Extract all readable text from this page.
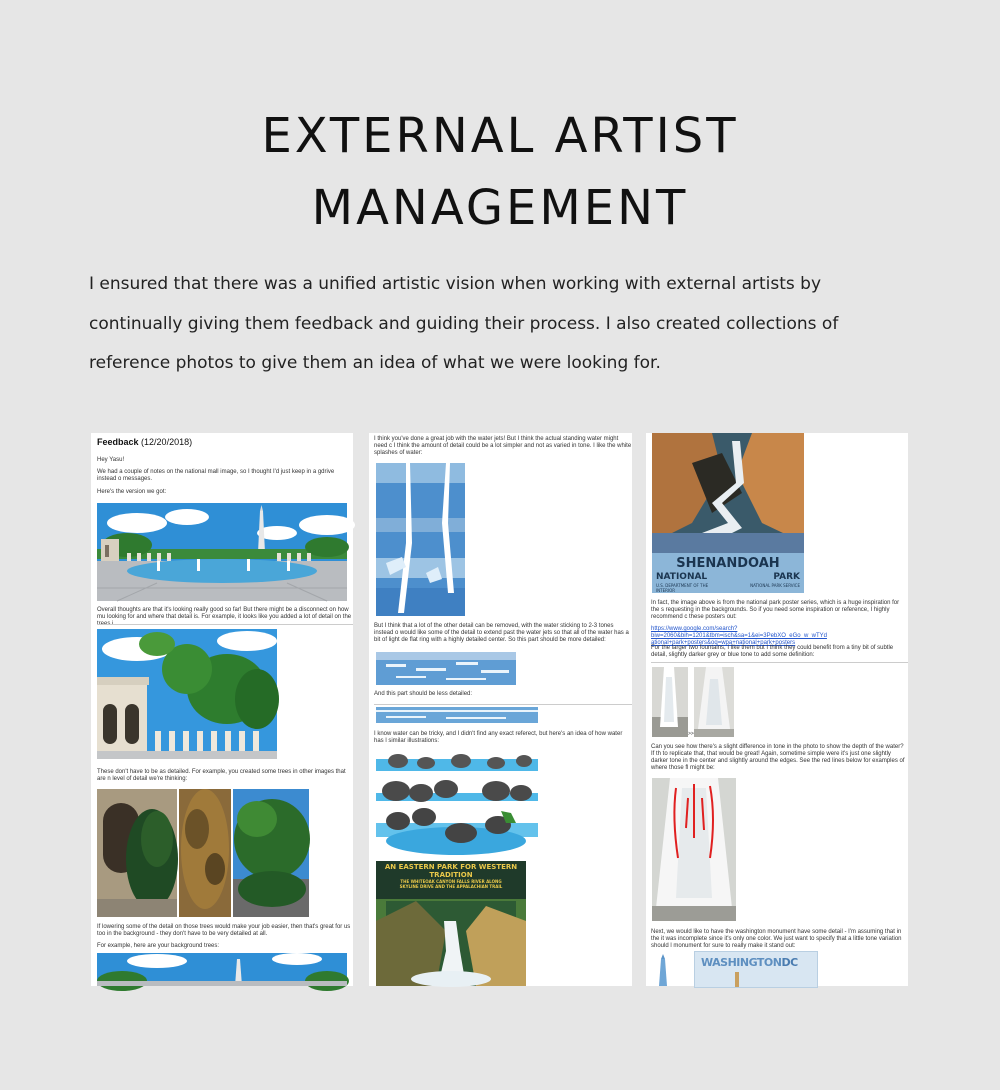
EXTERNAL ARTIST
MANAGEMENT
I ensured that there was a unified artistic vision when working with external artists by continually giving them feedback and guiding their process. I also created collections of reference photos to give them an idea of what we were looking for.
Feedback (12/20/2018)
Hey Yasu!
We had a couple of notes on the national mall image, so I thought I'd just keep in a gdrive instead o messages.
Here's the version we got:
Overall thoughts are that it's looking really good so far! But there might be a disconnect on how mu looking for and where that detail is. For example, it looks like you added a lot of detail on the
These don't have to be as detailed. For example, you created some trees in other images that are n level of detail we're thinking:
If lowering some of the detail on those trees would make your job easier, then that's great for us too in the background - they don't have to be very detailed at all.
For example, here are your background trees:
I think you've done a great job with the water jets! But I think the actual standing water might need c I think the amount of detail could be a lot simpler and not as varied in tone. I like the white splashes of water:
But I think that a lot of the other detail can be removed, with the water sticking to 2-3 tones instead o would like some of the detail to extend past the water jets so that all of the water has a bit of light de flat ring with a highly detailed center. So this part should be more detailed:
And this part should be less detailed:
I know water can be tricky, and I didn't find any exact referect, but here's an idea of how water has l similar illustrations:
AN EASTERN PARK FOR WESTERN TRADITION
THE WHITEOAK CANYON FALLS RIVER ALONG SKYLINE DRIVE AND THE APPALACHIAN TRAIL
SHENANDOAH
NATIONAL	PARK
U.S. DEPARTMENT OF THE INTERIOR
NATIONAL PARK SERVICE
In fact, the image above is from the national park poster series, which is a huge inspiration for the s requesting in the backgrounds. So if you need some inspiration or reference, I highly recommend c these posters out:
https://www.google.com/search?biw=2060&bih=1201&tbm=isch&sa=1&ei=3PebXO_eGo_w_wTYd ational+park+posters&oq=wpa+national+park+posters
For the larger two fountains, I like them but I think they could benefit from a tiny bit of subtle detail, slightly darker grey or blue tone to add some definition:
>>
Can you see how there's a slight difference in tone in the photo to show the depth of the water? If th to replicate that, that would be great! Again, sometime simple were it's just one slightly darker tone in the center and slightly around the edges. See the red lines below for examples of where those fl might be:
Next, we would like to have the washington monument have some detail - I'm assuming that in the it was incomplete since it's only one color. We just want to specify that a little tone variation should l monument for sure to really make it stand out:
WASHINGTONDC
